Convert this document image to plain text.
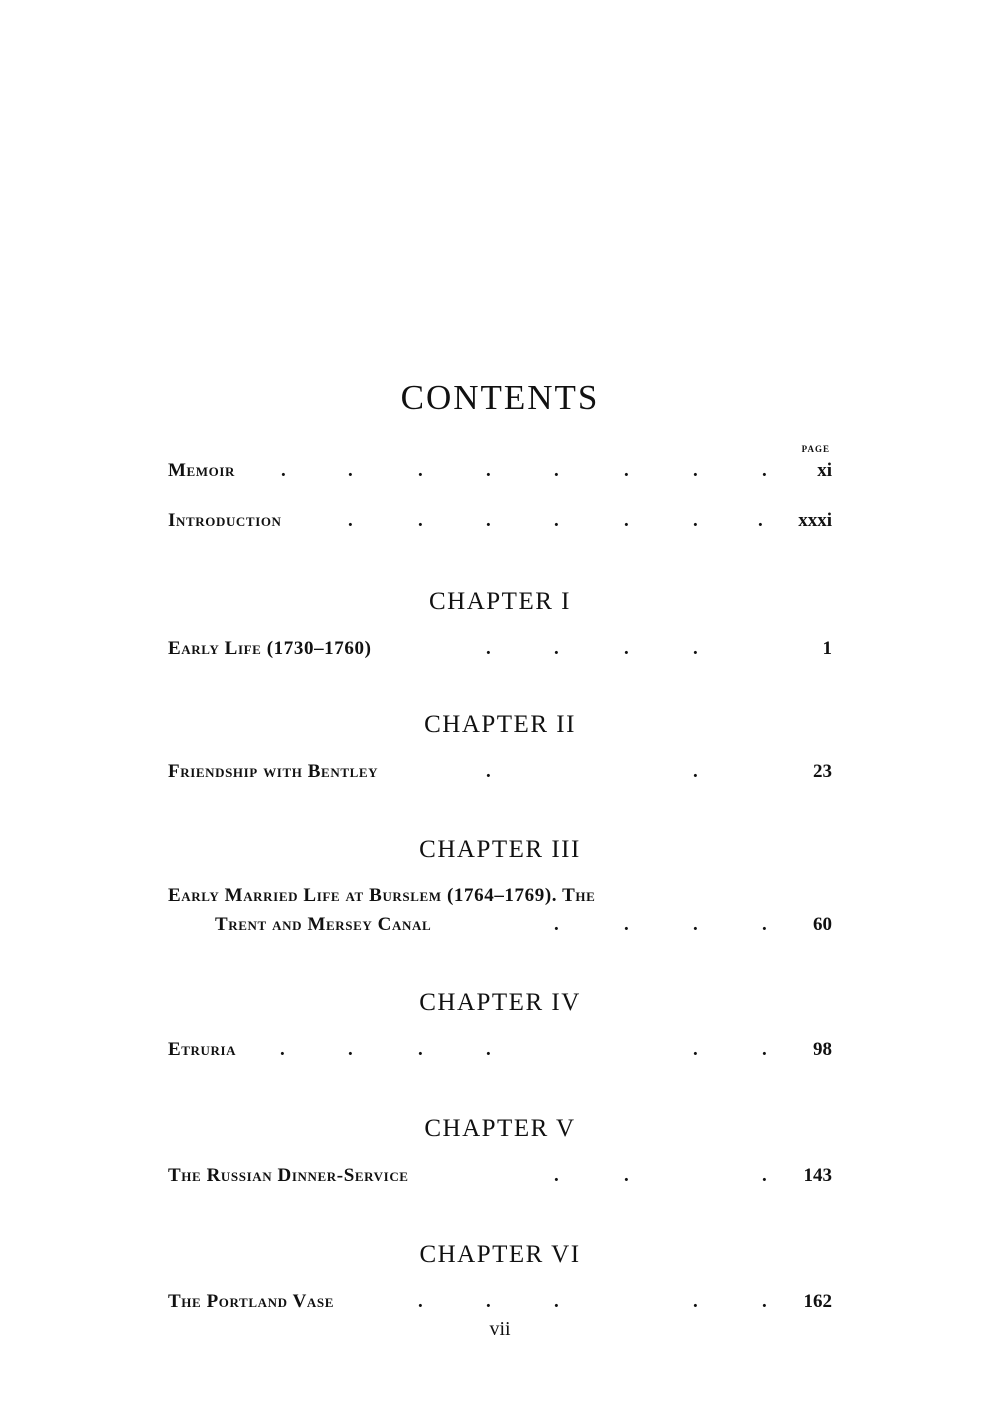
CONTENTS
PAGE
Memoir .	.	.	.	.	.	.	.	xi
Introduction	.	.	.	.	.	.	. xxxi
CHAPTER I
Early Life (1730–1760)	.	.	.	.	1
CHAPTER II
Friendship with Bentley	.	.	23
CHAPTER III
Early Married Life at Burslem (1764–1769). The
Trent and Mersey Canal	.	.	.	. 60
CHAPTER IV
Etruria .	.	.	.	.	. 98
CHAPTER V
The Russian Dinner-Service	.	.	. 143
CHAPTER VI
The Portland Vase	.	.	.	.	. 162
vii
